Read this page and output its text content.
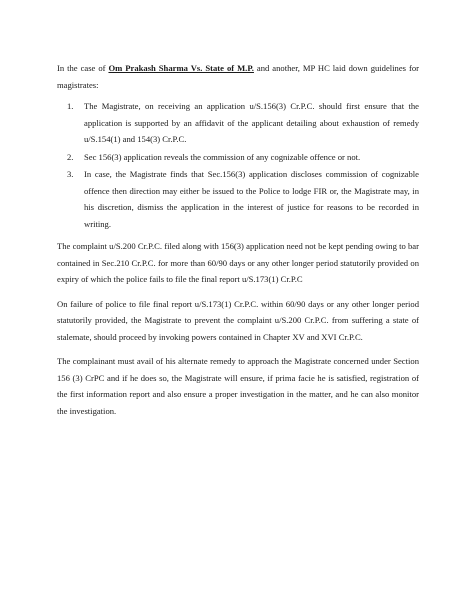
In the case of Om Prakash Sharma Vs. State of M.P. and another, MP HC laid down guidelines for magistrates:

1. The Magistrate, on receiving an application u/S.156(3) Cr.P.C. should first ensure that the application is supported by an affidavit of the applicant detailing about exhaustion of remedy u/S.154(1) and 154(3) Cr.P.C.
2. Sec 156(3) application reveals the commission of any cognizable offence or not.
3. In case, the Magistrate finds that Sec.156(3) application discloses commission of cognizable offence then direction may either be issued to the Police to lodge FIR or, the Magistrate may, in his discretion, dismiss the application in the interest of justice for reasons to be recorded in writing.

The complaint u/S.200 Cr.P.C. filed along with 156(3) application need not be kept pending owing to bar contained in Sec.210 Cr.P.C. for more than 60/90 days or any other longer period statutorily provided on expiry of which the police fails to file the final report u/S.173(1) Cr.P.C

On failure of police to file final report u/S.173(1) Cr.P.C. within 60/90 days or any other longer period statutorily provided, the Magistrate to prevent the complaint u/S.200 Cr.P.C. from suffering a state of stalemate, should proceed by invoking powers contained in Chapter XV and XVI Cr.P.C.

The complainant must avail of his alternate remedy to approach the Magistrate concerned under Section 156 (3) CrPC and if he does so, the Magistrate will ensure, if prima facie he is satisfied, registration of the first information report and also ensure a proper investigation in the matter, and he can also monitor the investigation.
